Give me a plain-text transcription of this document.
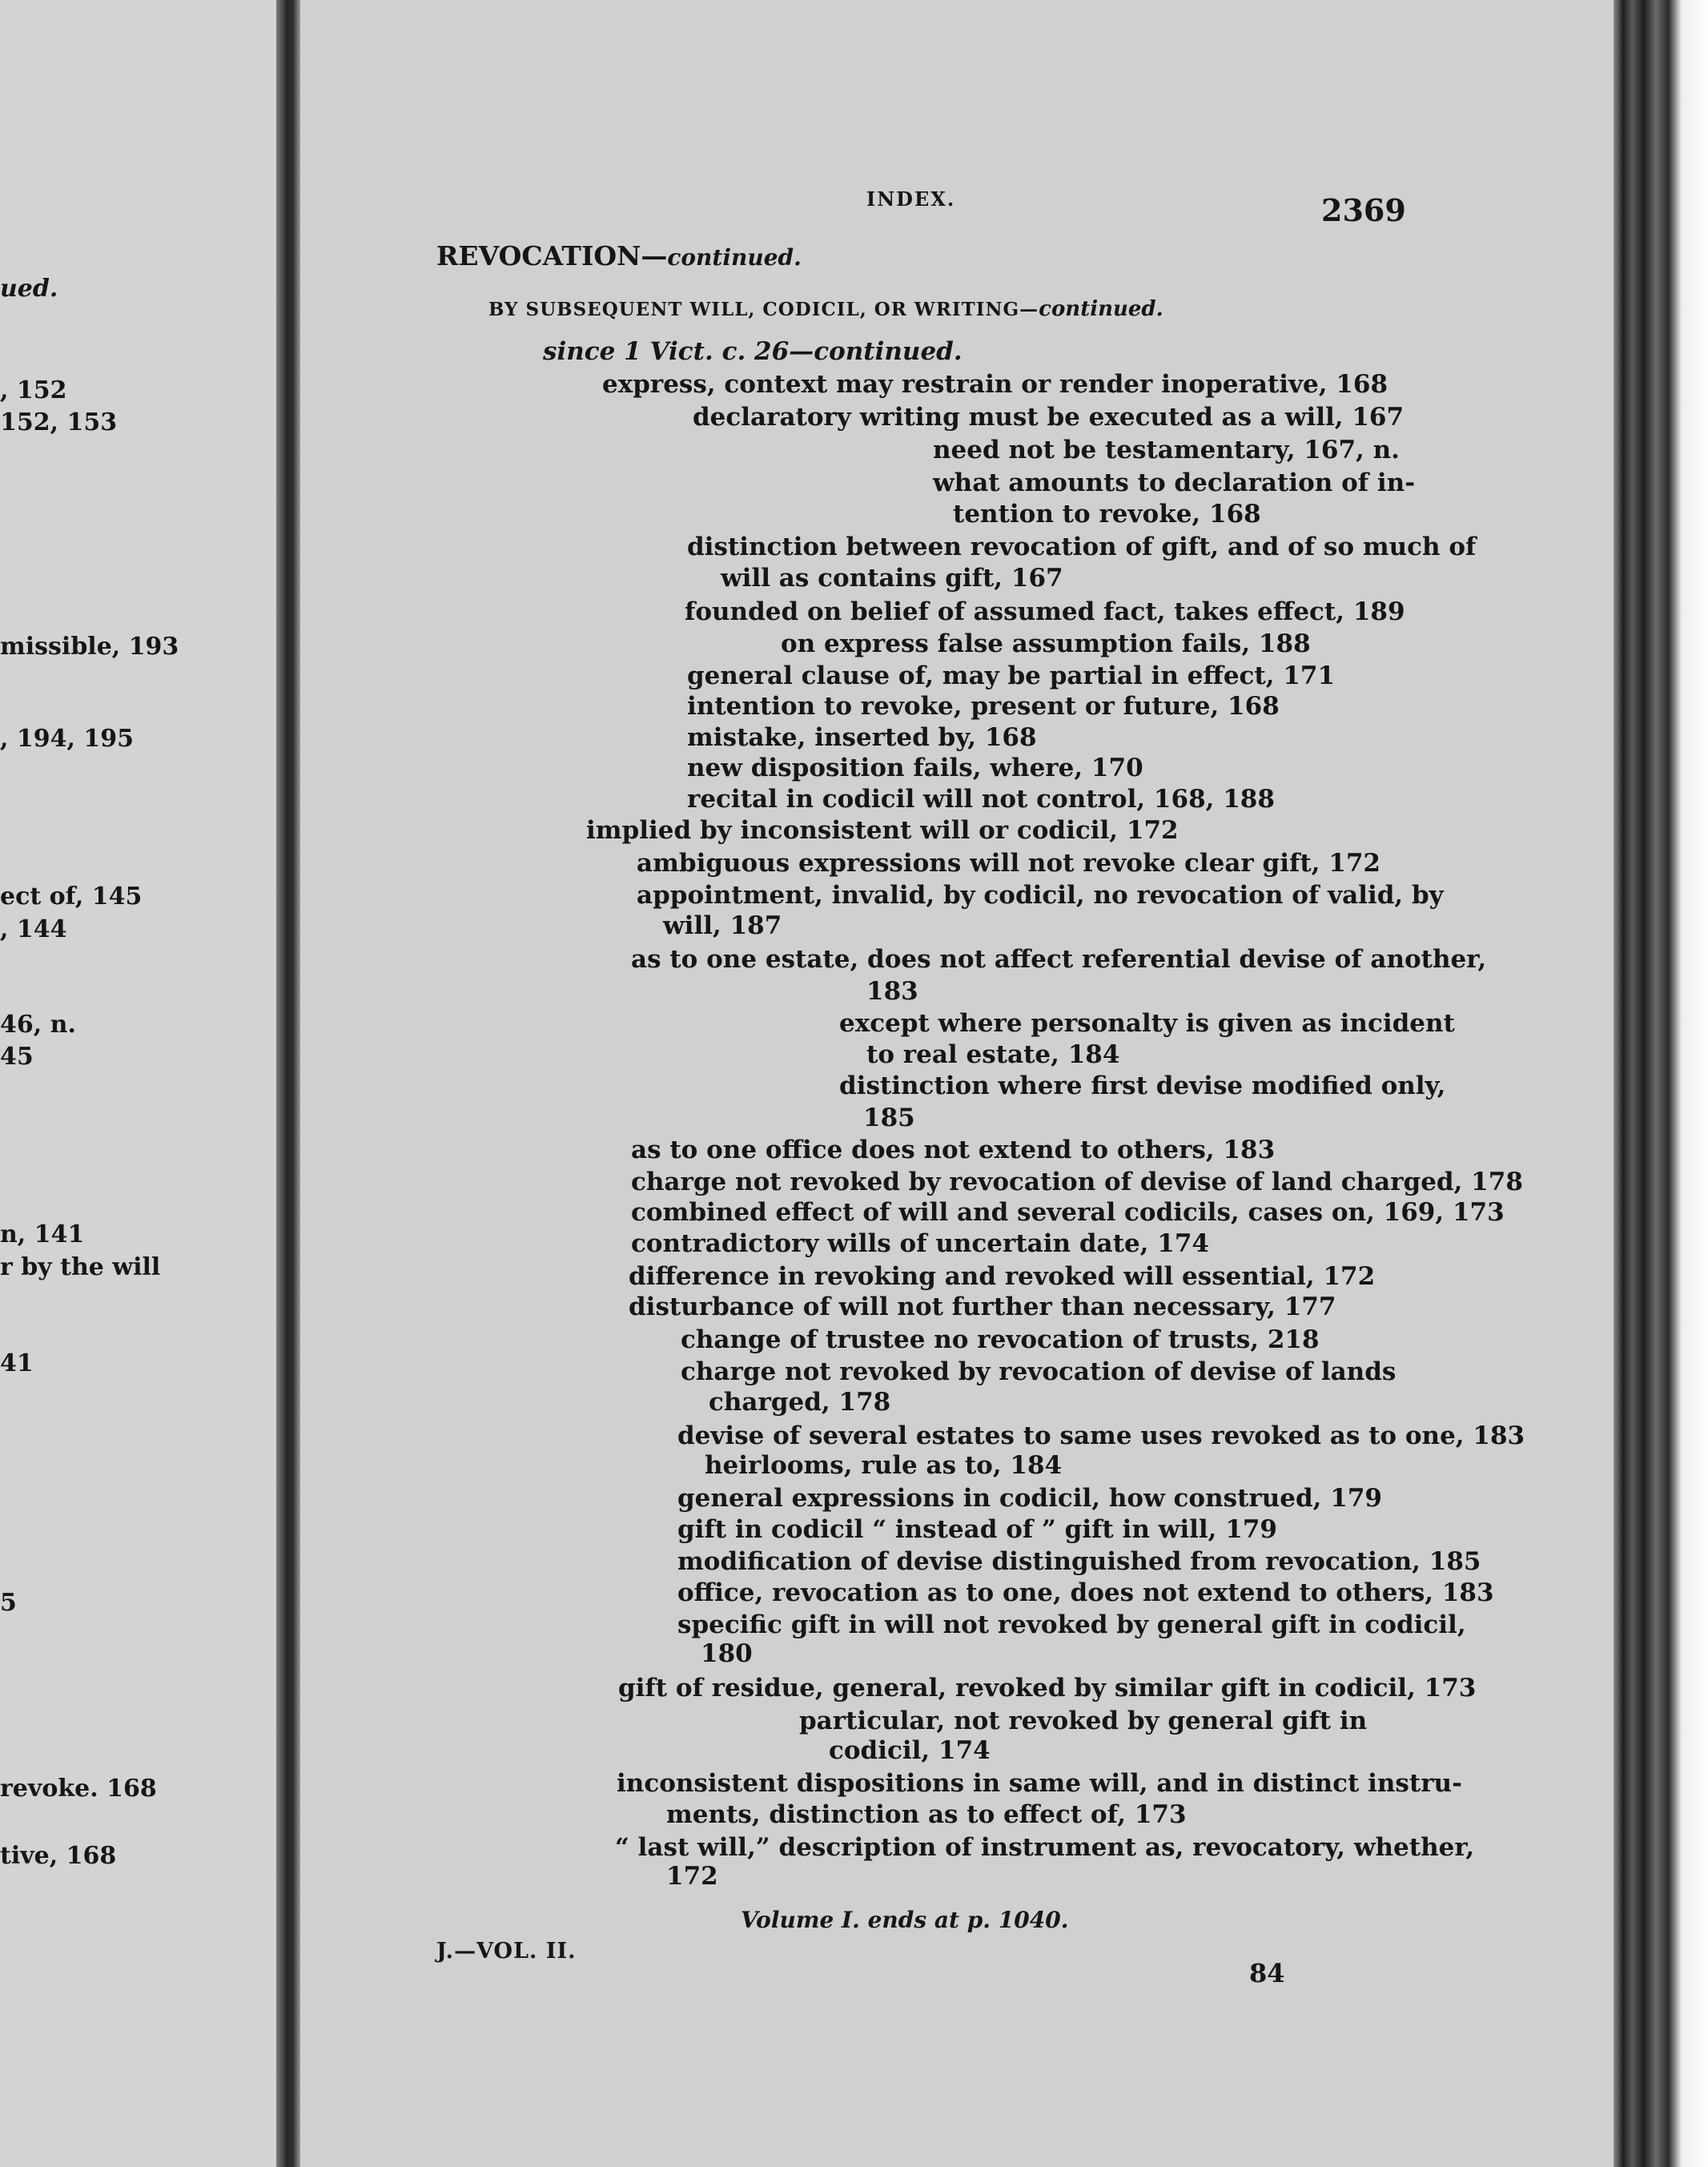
ued.
, 152
152, 153
missible, 193
, 194, 195
ect of, 145
, 144
46, n.
45
n, 141
r by the will
41
5
revoke. 168
tive, 168
INDEX.	2369
REVOCATION—continued.
BY SUBSEQUENT WILL, CODICIL, OR WRITING—continued.
since 1 Vict. c. 26—continued.
express, context may restrain or render inoperative, 168
declaratory writing must be executed as a will, 167
need not be testamentary, 167, n.
what amounts to declaration of in-
tention to revoke, 168
distinction between revocation of gift, and of so much of
will as contains gift, 167
founded on belief of assumed fact, takes effect, 189
on express false assumption fails, 188
general clause of, may be partial in effect, 171
intention to revoke, present or future, 168
mistake, inserted by, 168
new disposition fails, where, 170
recital in codicil will not control, 168, 188
implied by inconsistent will or codicil, 172
ambiguous expressions will not revoke clear gift, 172
appointment, invalid, by codicil, no revocation of valid, by
will, 187
as to one estate, does not affect referential devise of another,
183
except where personalty is given as incident
to real estate, 184
distinction where first devise modified only,
185
as to one office does not extend to others, 183
charge not revoked by revocation of devise of land charged, 178
combined effect of will and several codicils, cases on, 169, 173
contradictory wills of uncertain date, 174
difference in revoking and revoked will essential, 172
disturbance of will not further than necessary, 177
change of trustee no revocation of trusts, 218
charge not revoked by revocation of devise of lands
charged, 178
devise of several estates to same uses revoked as to one, 183
heirlooms, rule as to, 184
general expressions in codicil, how construed, 179
gift in codicil “ instead of ” gift in will, 179
modification of devise distinguished from revocation, 185
office, revocation as to one, does not extend to others, 183
specific gift in will not revoked by general gift in codicil,
180
gift of residue, general, revoked by similar gift in codicil, 173
particular, not revoked by general gift in
codicil, 174
inconsistent dispositions in same will, and in distinct instru-
ments, distinction as to effect of, 173
“ last will,” description of instrument as, revocatory, whether,
172
Volume I. ends at p. 1040.
J.—VOL. II.
84
